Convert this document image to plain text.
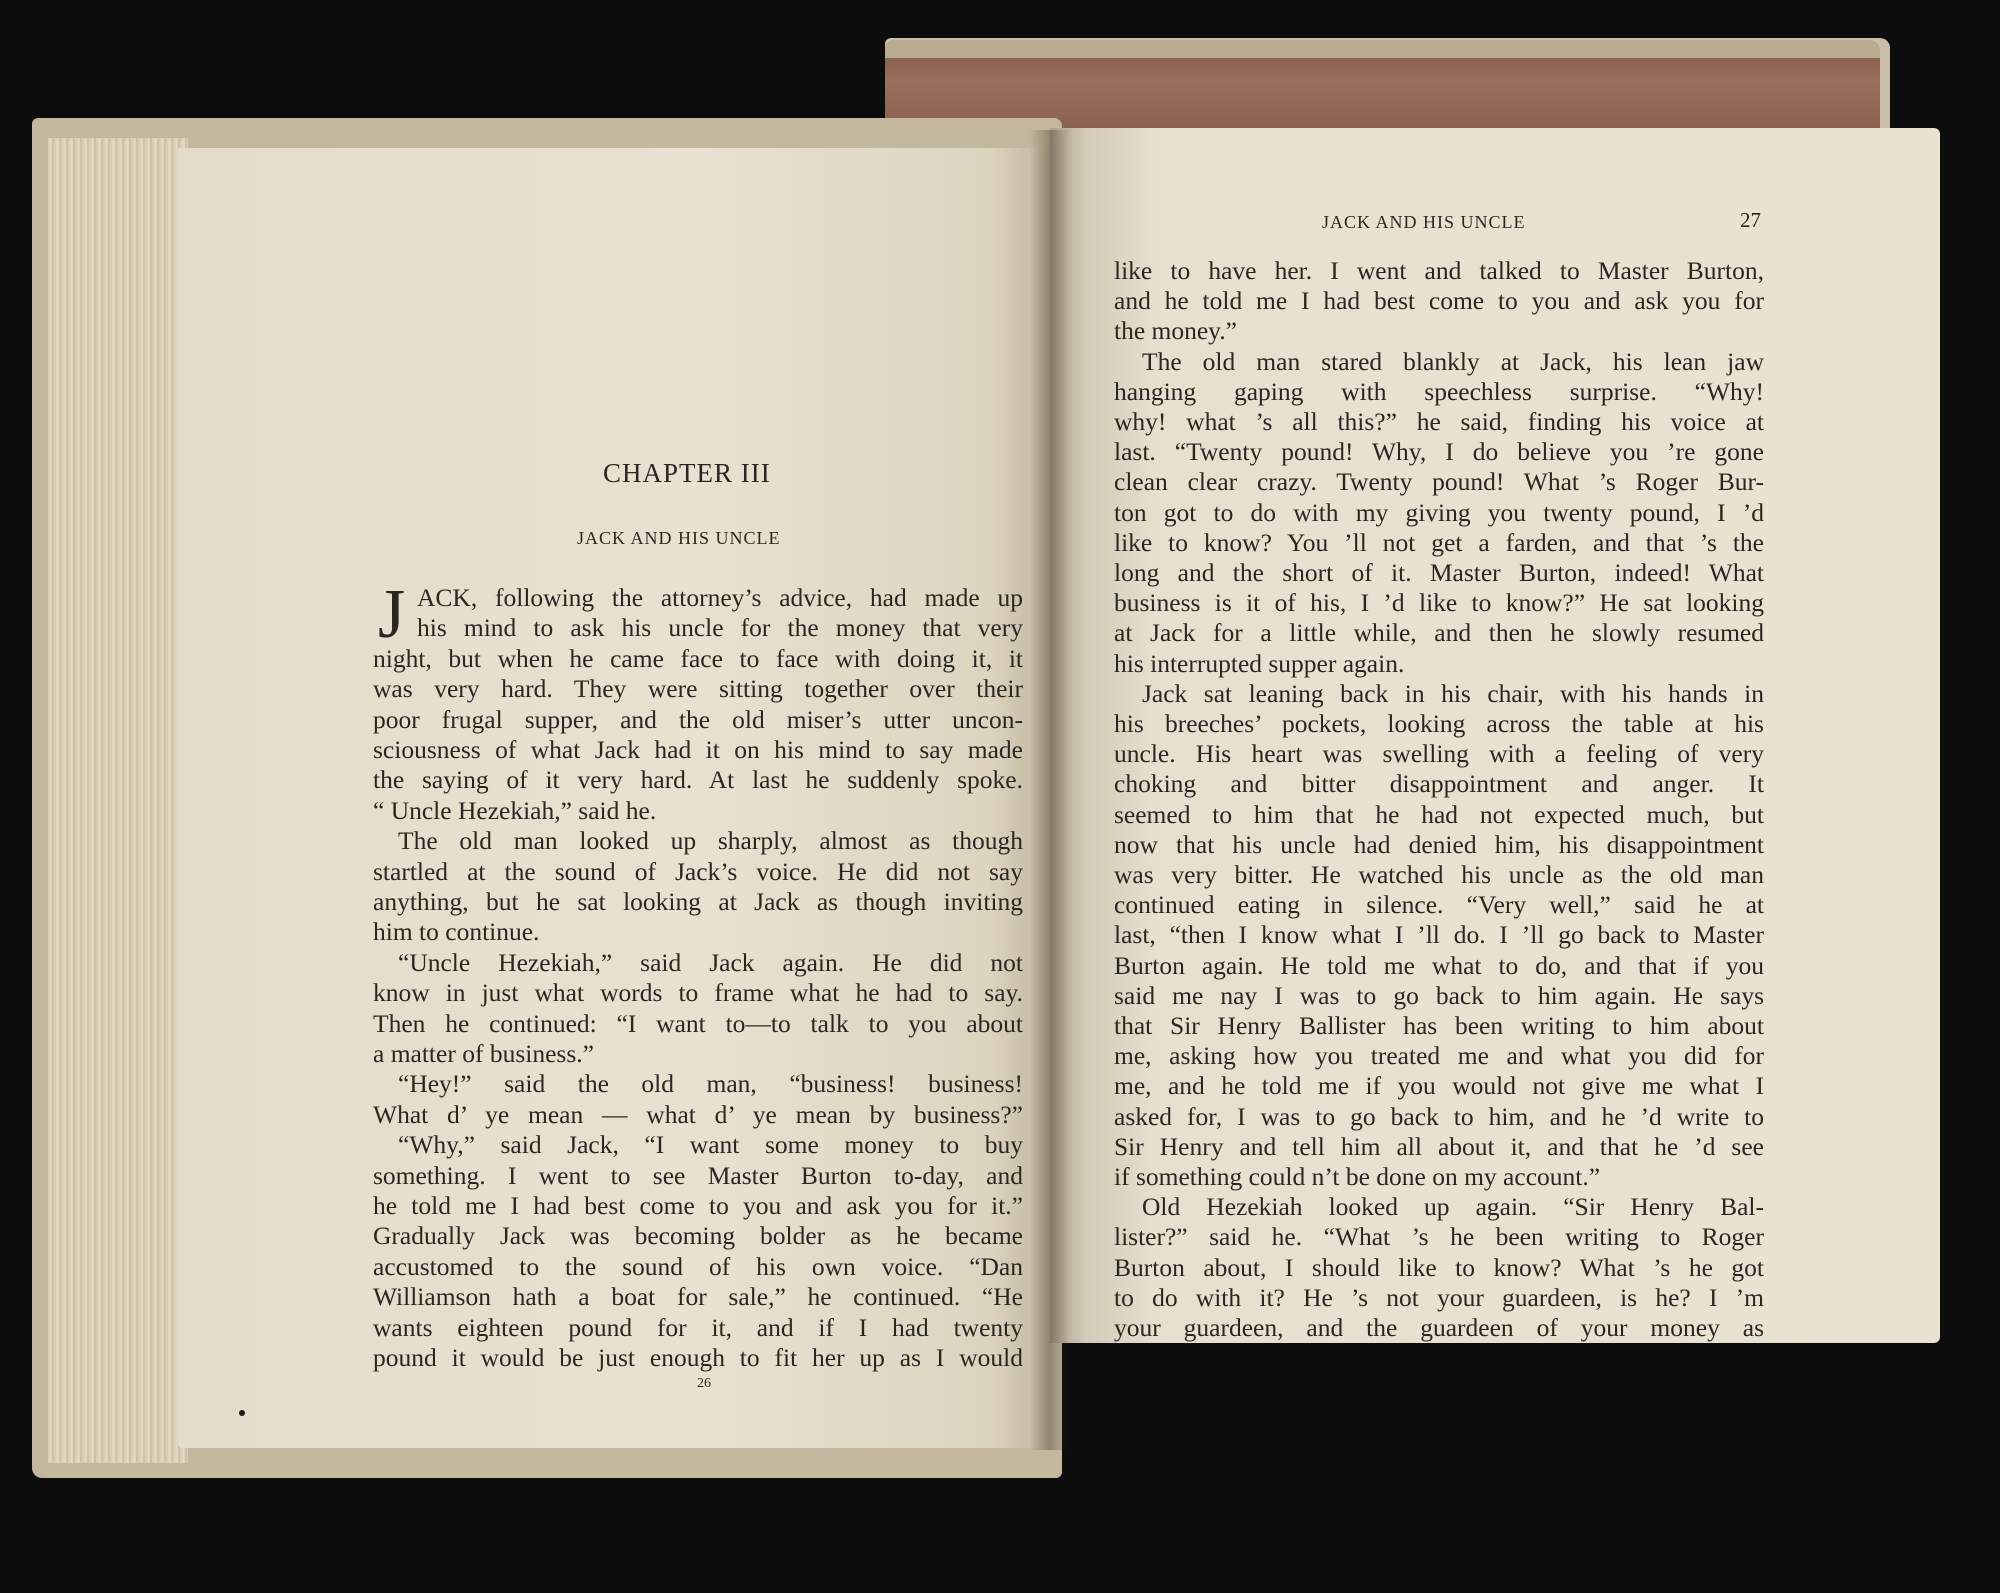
CHAPTER III
JACK AND HIS UNCLE
J ACK, following the attorney’s advice, had made up

his mind to ask his uncle for the money that very

night, but when he came face to face with doing it, it

was very hard. They were sitting together over their

poor frugal supper, and the old miser’s utter uncon-

sciousness of what Jack had it on his mind to say made

the saying of it very hard. At last he suddenly spoke.

“ Uncle Hezekiah,” said he.

The old man looked up sharply, almost as though

startled at the sound of Jack’s voice. He did not say

anything, but he sat looking at Jack as though inviting

him to continue.

“Uncle Hezekiah,” said Jack again. He did not

know in just what words to frame what he had to say.

Then he continued: “I want to—to talk to you about

a matter of business.”

“Hey!” said the old man, “business! business!

What d’ ye mean — what d’ ye mean by business?”

“Why,” said Jack, “I want some money to buy

something. I went to see Master Burton to-day, and

he told me I had best come to you and ask you for it.”

Gradually Jack was becoming bolder as he became

accustomed to the sound of his own voice. “Dan

Williamson hath a boat for sale,” he continued. “He

wants eighteen pound for it, and if I had twenty

pound it would be just enough to fit her up as I would

26
JACK AND HIS UNCLE	27

like to have her. I went and talked to Master Burton,

and he told me I had best come to you and ask you for

the money.”

The old man stared blankly at Jack, his lean jaw

hanging gaping with speechless surprise. “Why!

why! what ’s all this?” he said, finding his voice at

last. “Twenty pound! Why, I do believe you ’re gone

clean clear crazy. Twenty pound! What ’s Roger Bur-

ton got to do with my giving you twenty pound, I ’d

like to know? You ’ll not get a farden, and that ’s the

long and the short of it. Master Burton, indeed! What

business is it of his, I ’d like to know?” He sat looking

at Jack for a little while, and then he slowly resumed

his interrupted supper again.

Jack sat leaning back in his chair, with his hands in

his breeches’ pockets, looking across the table at his

uncle. His heart was swelling with a feeling of very

choking and bitter disappointment and anger. It

seemed to him that he had not expected much, but

now that his uncle had denied him, his disappointment

was very bitter. He watched his uncle as the old man

continued eating in silence. “Very well,” said he at

last, “then I know what I ’ll do. I ’ll go back to Master

Burton again. He told me what to do, and that if you

said me nay I was to go back to him again. He says

that Sir Henry Ballister has been writing to him about

me, asking how you treated me and what you did for

me, and he told me if you would not give me what I

asked for, I was to go back to him, and he ’d write to

Sir Henry and tell him all about it, and that he ’d see

if something could n’t be done on my account.”

Old Hezekiah looked up again. “Sir Henry Bal-

lister?” said he. “What ’s he been writing to Roger

Burton about, I should like to know? What ’s he got

to do with it? He ’s not your guardeen, is he? I ’m

your guardeen, and the guardeen of your money as
